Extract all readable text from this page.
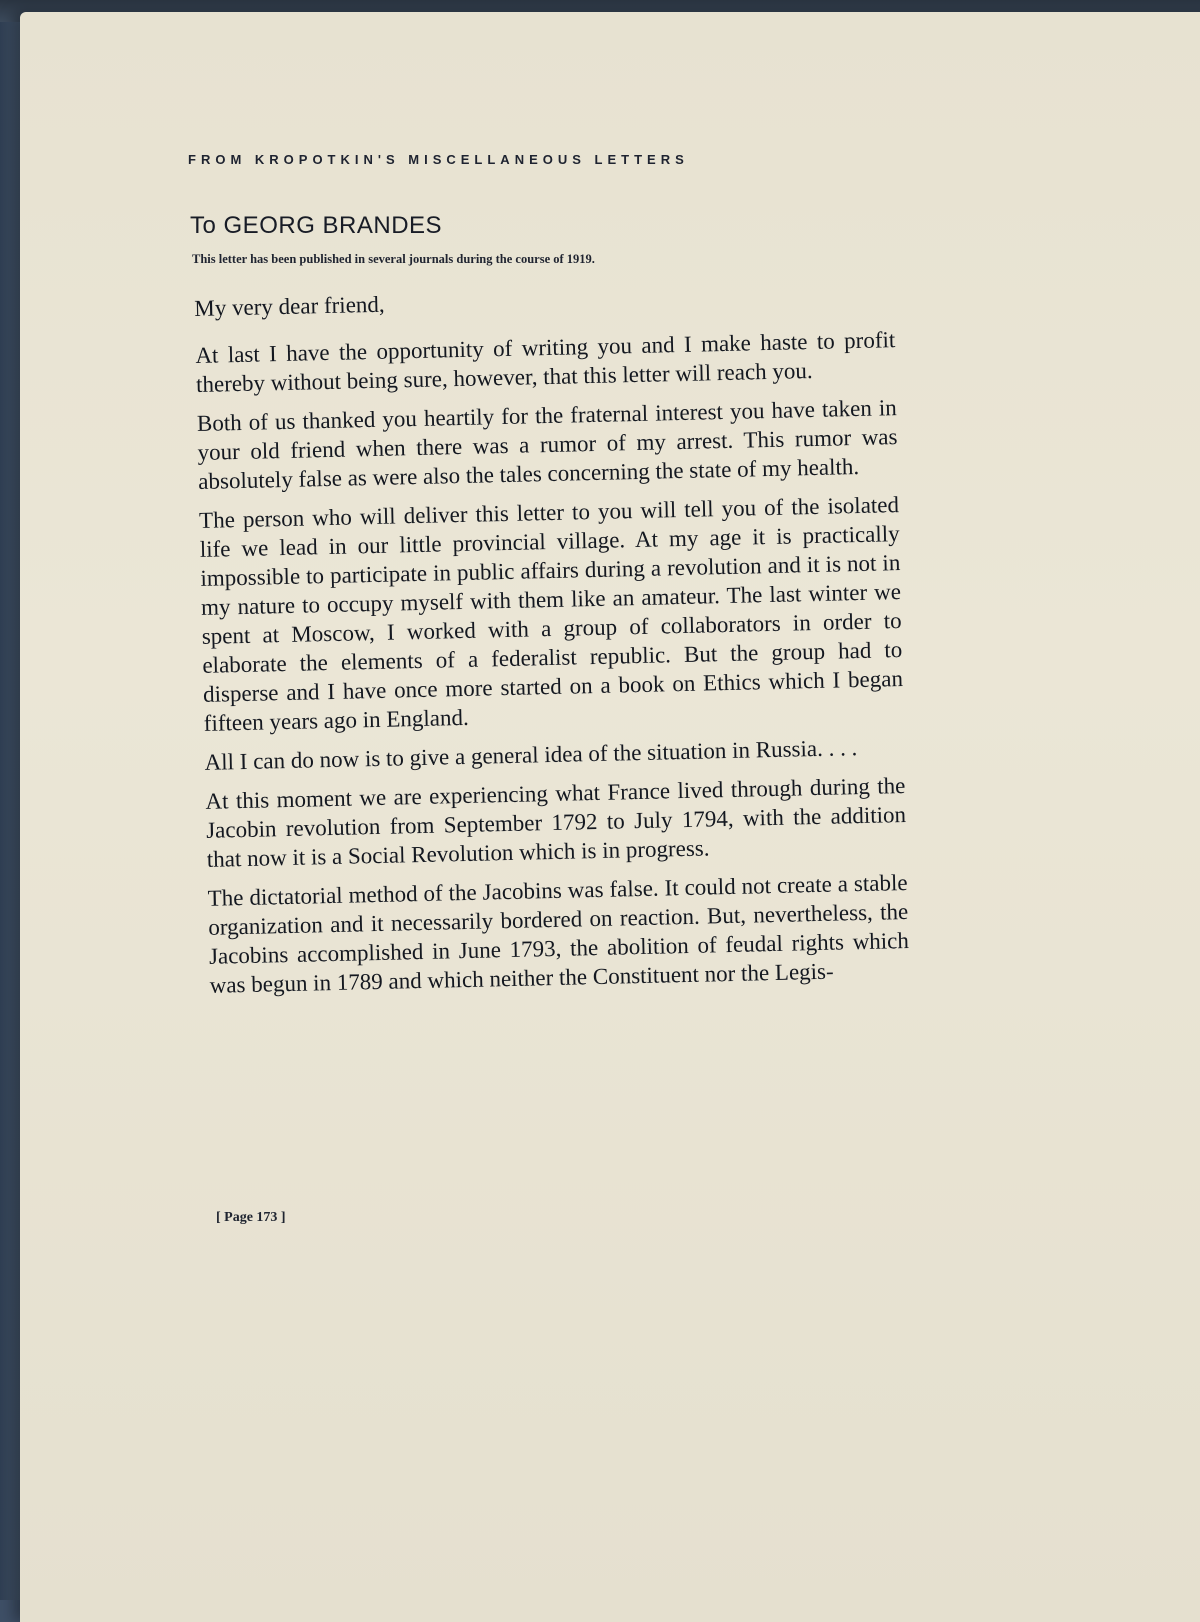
FROM KROPOTKIN'S MISCELLANEOUS LETTERS
To GEORG BRANDES
This letter has been published in several journals during the course of 1919.

My very dear friend,

At last I have the opportunity of writing you and I make haste to profit thereby without being sure, however, that this letter will reach you.

Both of us thanked you heartily for the fraternal interest you have taken in your old friend when there was a rumor of my arrest. This rumor was absolutely false as were also the tales concerning the state of my health.

The person who will deliver this letter to you will tell you of the isolated life we lead in our little provincial village. At my age it is practically impossible to participate in public affairs during a revolution and it is not in my nature to occupy myself with them like an amateur. The last winter we spent at Moscow, I worked with a group of collaborators in order to elaborate the elements of a federalist republic. But the group had to disperse and I have once more started on a book on Ethics which I began fifteen years ago in England.

All I can do now is to give a general idea of the situation in Russia. . . .

At this moment we are experiencing what France lived through during the Jacobin revolution from September 1792 to July 1794, with the addition that now it is a Social Revolution which is in progress.

The dictatorial method of the Jacobins was false. It could not create a stable organization and it necessarily bordered on reaction. But, nevertheless, the Jacobins accomplished in June 1793, the abolition of feudal rights which was begun in 1789 and which neither the Constituent nor the Legis-

[ Page 173 ]
